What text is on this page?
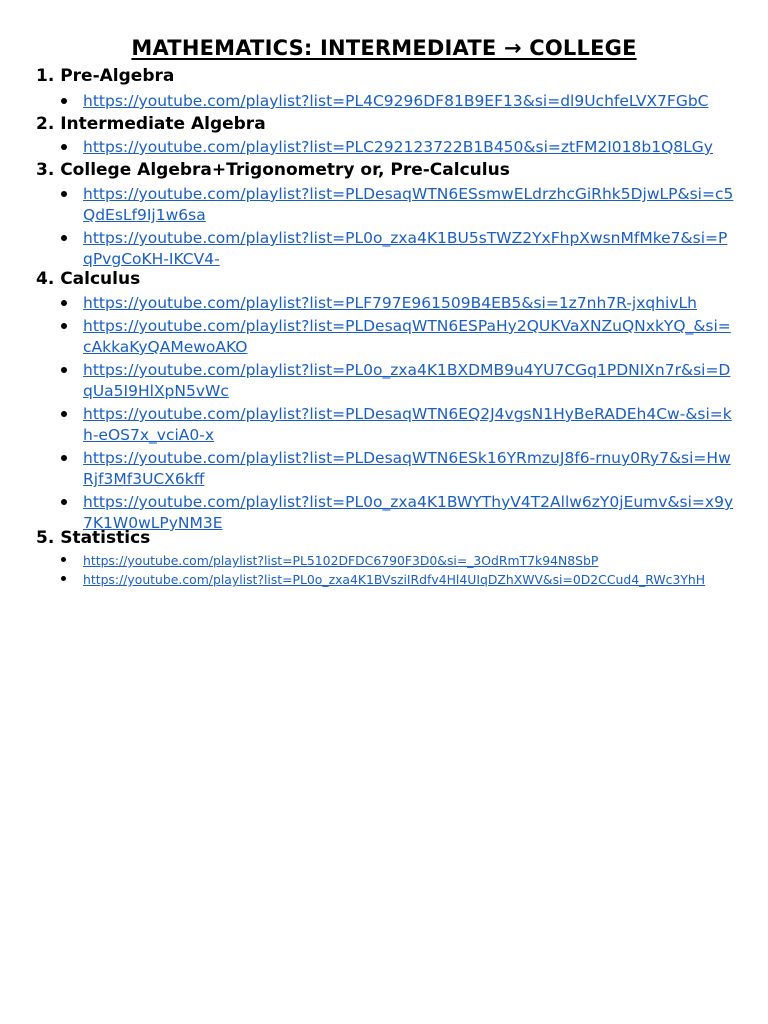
MATHEMATICS: INTERMEDIATE → COLLEGE

1. Pre-Algebra

https://youtube.com/playlist?list=PL4C9296DF81B9EF13&si=dl9UchfeLVX7FGbC

2. Intermediate Algebra

https://youtube.com/playlist?list=PLC292123722B1B450&si=ztFM2I018b1Q8LGy

3. College Algebra+Trigonometry or, Pre-Calculus

https://youtube.com/playlist?list=PLDesaqWTN6ESsmwELdrzhcGiRhk5DjwLP&si=c5QdEsLf9Ij1w6sa
https://youtube.com/playlist?list=PL0o_zxa4K1BU5sTWZ2YxFhpXwsnMfMke7&si=PqPvgCoKH-IKCV4-

4. Calculus

https://youtube.com/playlist?list=PLF797E961509B4EB5&si=1z7nh7R-jxqhivLh
https://youtube.com/playlist?list=PLDesaqWTN6ESPaHy2QUKVaXNZuQNxkYQ_&si=cAkkaKyQAMewoAKO
https://youtube.com/playlist?list=PL0o_zxa4K1BXDMB9u4YU7CGq1PDNIXn7r&si=DqUa5I9HlXpN5vWc
https://youtube.com/playlist?list=PLDesaqWTN6EQ2J4vgsN1HyBeRADEh4Cw-&si=kh-eOS7x_vciA0-x
https://youtube.com/playlist?list=PLDesaqWTN6ESk16YRmzuJ8f6-rnuy0Ry7&si=HwRjf3Mf3UCX6kff
https://youtube.com/playlist?list=PL0o_zxa4K1BWYThyV4T2Allw6zY0jEumv&si=x9y7K1W0wLPyNM3E

5. Statistics

https://youtube.com/playlist?list=PL5102DFDC6790F3D0&si=_3OdRmT7k94N8SbP
https://youtube.com/playlist?list=PL0o_zxa4K1BVsziIRdfv4Hl4UIqDZhXWV&si=0D2CCud4_RWc3YhH
